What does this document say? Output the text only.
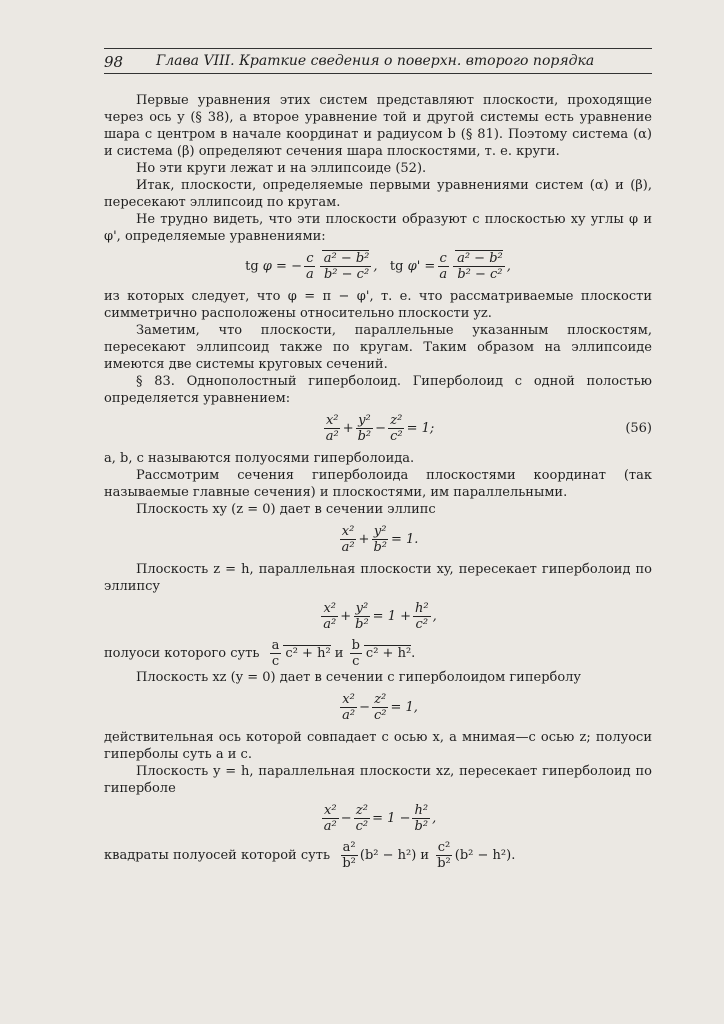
98 Глава VIII. Краткие сведения о поверхн. второго порядка

Первые уравнения этих систем представляют плоскости, проходящие через ось y (§ 38), а второе уравнение той и другой системы есть уравнение шара с центром в начале координат и радиусом b (§ 81). Поэтому система (α) и система (β) определяют сечения шара плоскостями, т. е. круги.

Но эти круги лежат и на эллипсоиде (52).

Итак, плоскости, определяемые первыми уравнениями систем (α) и (β), пересекают эллипсоид по кругам.

Не трудно видеть, что эти плоскости образуют с плоскостью xy углы φ и φ', определяемые уравнениями:

tg φ = − $\frac{c}{a} \frac{\text{a² − b²}}{\text{b² − c²}}$ , tg $\varphi' = \frac{c}{a} \frac{\text{a² − b²}}{\text{b² − c²}}$ ,

из которых следует, что φ = π − φ', т. е. что рассматриваемые плоскости симметрично расположены относительно плоскости yz.

Заметим, что плоскости, параллельные указанным плоскостям, пересекают эллипсоид также по кругам. Таким образом на эллипсоиде имеются две системы круговых сечений.

§ 83. Однополостный гиперболоид. Гиперболоид с одной полостью определяется уравнением:

$\frac{\text{x²}}{\text{a²}} + \frac{\text{y²}}{\text{b²}} - \frac{\text{z²}}{\text{c²}} = 1$;	(56)

a, b, c называются полуосями гиперболоида.

Рассмотрим сечения гиперболоида плоскостями координат (так называемые главные сечения) и плоскостями, им параллельными.

Плоскость xy (z = 0) дает в сечении эллипс

$\frac{\text{x²}}{\text{a²}} + \frac{\text{y²}}{\text{b²}} = 1$.

Плоскость z = h, параллельная плоскости xy, пересекает гиперболоид по эллипсу

$\frac{\text{x²}}{\text{a²}} + \frac{\text{y²}}{\text{b²}} = 1 + \frac{\text{h²}}{\text{c²}}$ ,

полуоси которого суть $\frac{a}{c} c^2 + h^2$ и $\frac{b}{c} c^2 + h^2$.

Плоскость xz (y = 0) дает в сечении с гиперболоидом гиперболу

$\frac{\text{x²}}{\text{a²}} - \frac{\text{z²}}{\text{c²}} = 1$,

действительная ось которой совпадает с осью x, а мнимая—с осью z; полуоси гиперболы суть a и c.

Плоскость y = h, параллельная плоскости xz, пересекает гиперболоид по гиперболе

$\frac{\text{x²}}{\text{a²}} - \frac{\text{z²}}{\text{c²}} = 1 - \frac{\text{h²}}{\text{b²}}$ ,

квадраты полуосей которой суть $\frac{\text{a²}}{\text{b²}} (b^2 - h^2)$ и $\frac{\text{c²}}{\text{b²}} (b^2 - h^2)$.
